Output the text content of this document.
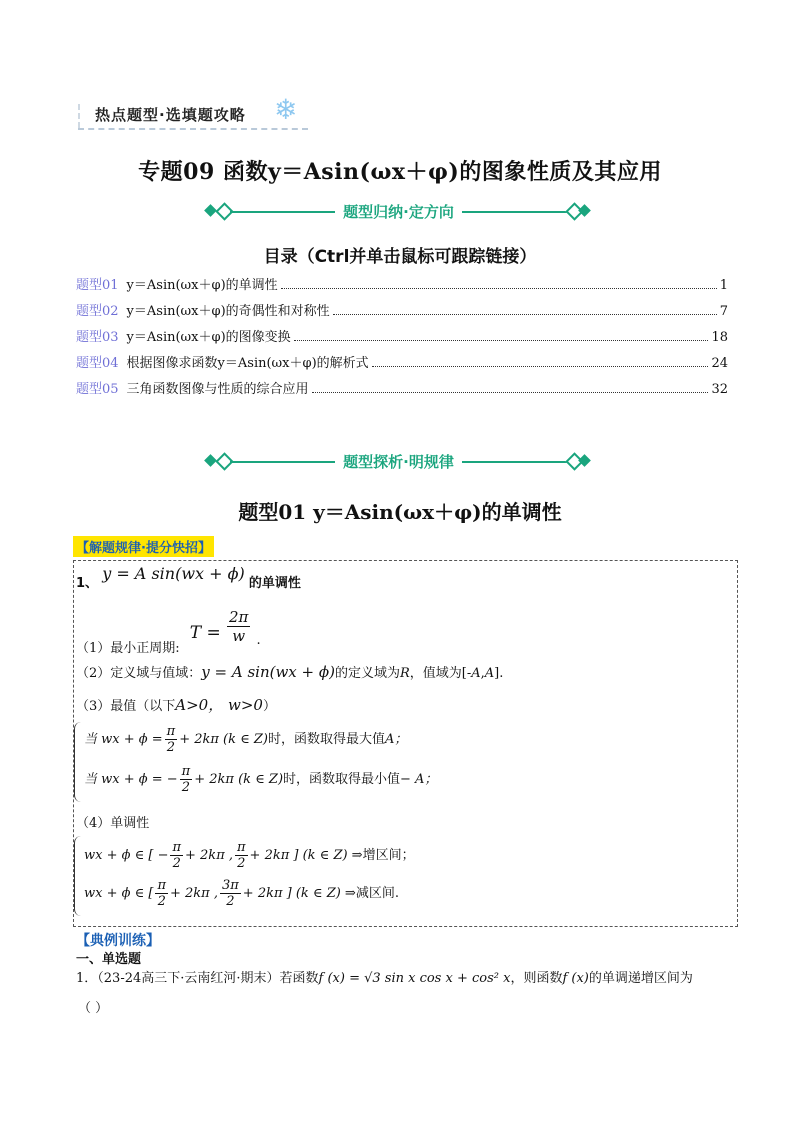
热点题型·选填题攻略 ❄
专题09 函数y＝Asin(ωx＋φ)的图象性质及其应用
题型归纳·定方向
目录（Ctrl并单击鼠标可跟踪链接）
题型01 y＝Asin(ωx＋φ)的单调性	1
题型02 y＝Asin(ωx＋φ)的奇偶性和对称性	7
题型03 y＝Asin(ωx＋φ)的图像变换	18
题型04 根据图像求函数y＝Asin(ωx＋φ)的解析式	24
题型05 三角函数图像与性质的综合应用	32
题型探析·明规律
题型01 y＝Asin(ωx＋φ)的单调性
【解题规律·提分快招】
1、 y = A sin(wx + ϕ) 的单调性
（1）最小正周期: $T = \frac{2\pi}{w}$ .
（2）定义域与值域：y = A sin(wx + ϕ)的定义域为R，值域为[-A,A].
（3）最值（以下A>0， w>0）
当 wx + $\phi = \frac{\pi}{2} + 2k\pi$ (k ∈ Z)时，函数取得最大值A；
当 wx + ϕ = − $\frac{\pi}{2} + 2k\pi$ (k ∈ Z)时，函数取得最小值− A；
（4）单调性
wx + ϕ ∈ [ − $\frac{\pi}{2} + 2k\pi$ , $\frac{\pi}{2} + 2k\pi$ ] (k ∈ Z) ⇒增区间；
wx + ϕ ∈ [ $\frac{\pi}{2} + 2k\pi$ , $\frac{3\pi}{2} + 2k\pi$ ] (k ∈ Z) ⇒减区间.
【典例训练】
一、单选题
1．（23-24高三下·云南红河·期末）若函数f (x) = √3 sin x cos x + cos² x，则函数f (x)的单调递增区间为
（ ）
